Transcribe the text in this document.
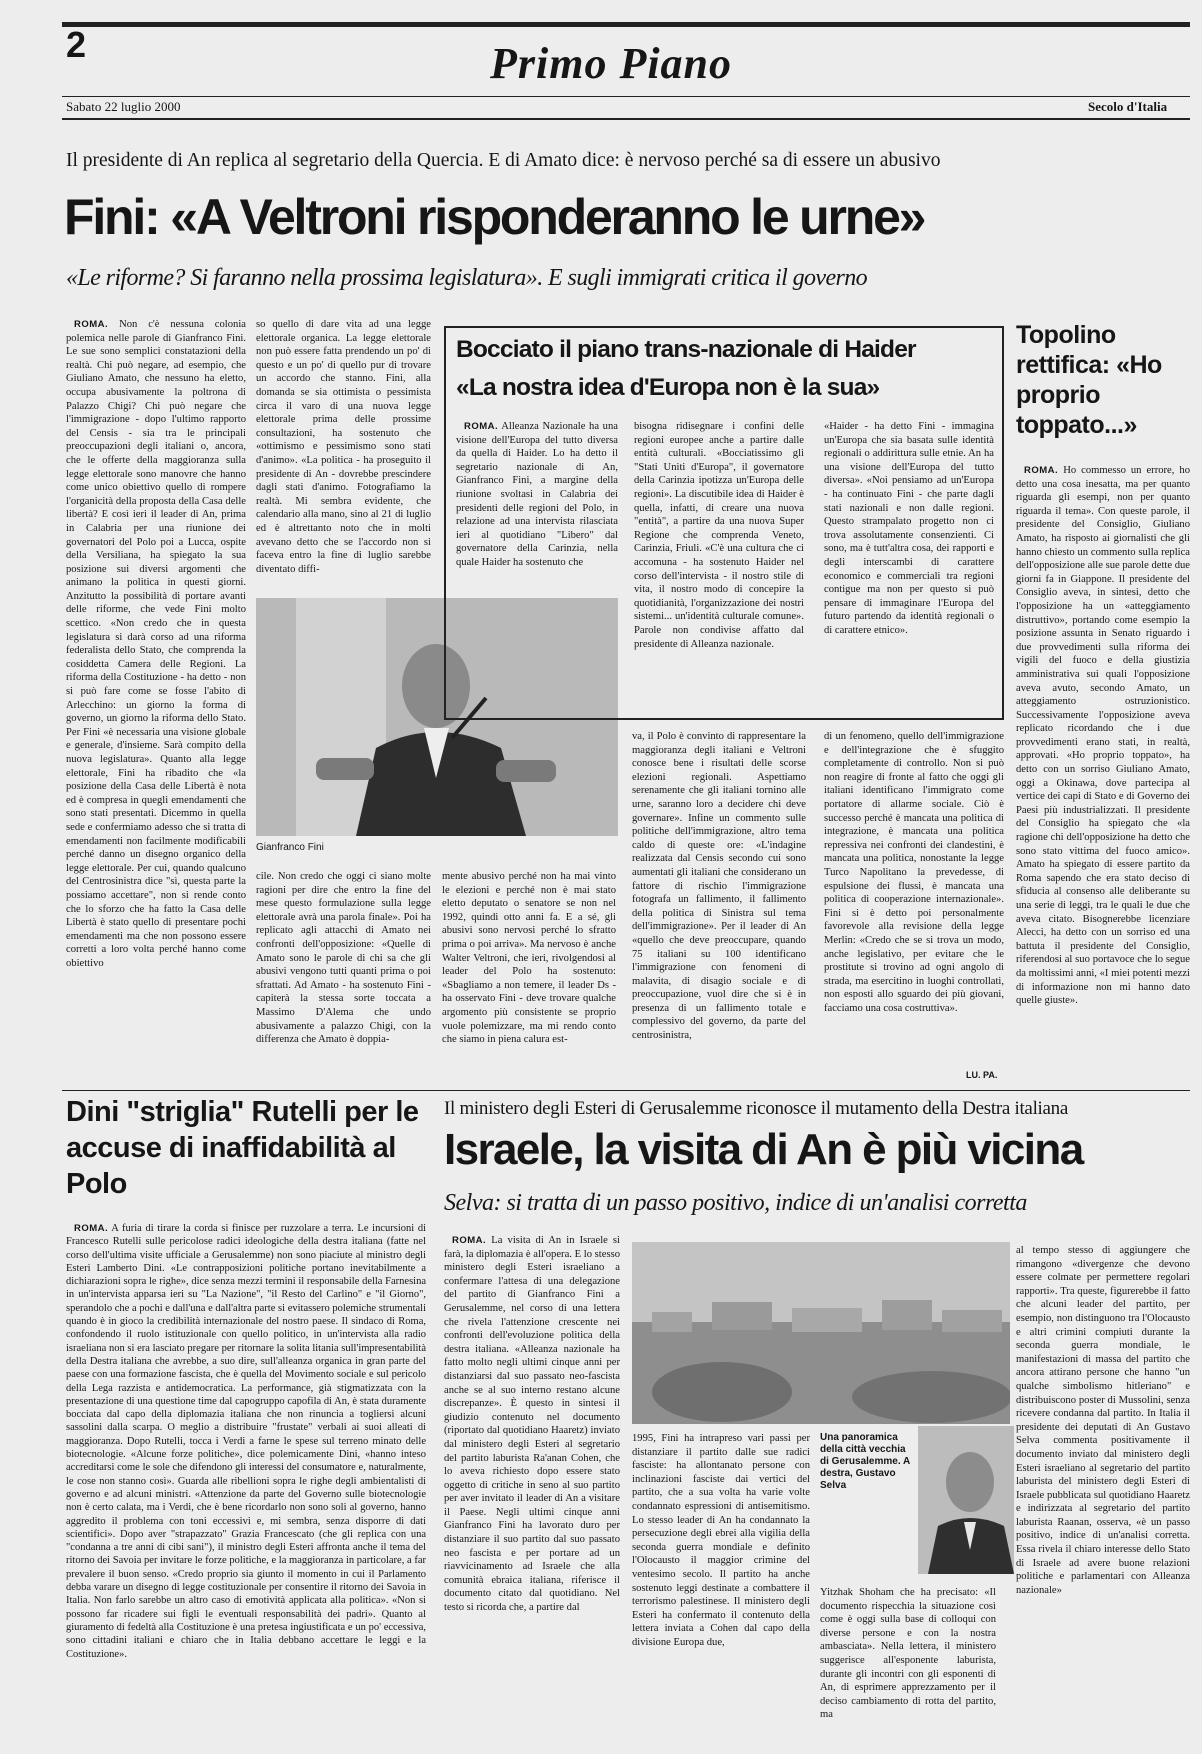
2	Primo Piano
Sabato 22 luglio 2000	Secolo d'Italia
Il presidente di An replica al segretario della Quercia. E di Amato dice: è nervoso perché sa di essere un abusivo
Fini: «A Veltroni risponderanno le urne»
«Le riforme? Si faranno nella prossima legislatura». E sugli immigrati critica il governo

ROMA. Non c'è nessuna colonia polemica nelle parole di Gianfranco Fini. Le sue sono semplici constatazioni della realtà. Chi può negare, ad esempio, che Giuliano Amato, che nessuno ha eletto, occupa abusivamente la poltrona di Palazzo Chigi? Chi può negare che l'immigrazione - dopo l'ultimo rapporto del Censis - sia tra le principali preoccupazioni degli italiani o, ancora, che le offerte della maggioranza sulla legge elettorale sono manovre che hanno come unico obiettivo quello di rompere l'organicità della proposta della Casa delle libertà? E così ieri il leader di An, prima in Calabria per una riunione dei governatori del Polo poi a Lucca, ospite della Versiliana, ha spiegato la sua posizione sui diversi argomenti che animano la politica in questi giorni. Anzitutto la possibilità di portare avanti delle riforme, che vede Fini molto scettico. «Non credo che in questa legislatura si darà corso ad una riforma federalista dello Stato, che comprenda la cosiddetta Camera delle Regioni. La riforma della Costituzione - ha detto - non si può fare come se fosse l'abito di Arlecchino: un giorno la forma di governo, un giorno la riforma dello Stato. Per Fini «è necessaria una visione globale e generale, d'insieme. Sarà compito della nuova legislatura». Quanto alla legge elettorale, Fini ha ribadito che «la posizione della Casa delle Libertà è nota ed è compresa in quegli emendamenti che sono stati presentati. Dicemmo in quella sede e confermiamo adesso che si tratta di emendamenti non facilmente modificabili perché danno un disegno organico della legge elettorale. Per cui, quando qualcuno del Centrosinistra dice "sì, questa parte la possiamo accettare", non si rende conto che lo sforzo che ha fatto la Casa delle Libertà è stato quello di presentare pochi emendamenti ma che non possono essere corretti a loro volta perché hanno come obiettivo

so quello di dare vita ad una legge elettorale organica. La legge elettorale non può essere fatta prendendo un po' di questo e un po' di quello pur di trovare un accordo che stanno. Fini, alla domanda se sia ottimista o pessimista circa il varo di una nuova legge elettorale prima delle prossime consultazioni, ha sostenuto che «ottimismo e pessimismo sono stati d'animo». «La politica - ha proseguito il presidente di An - dovrebbe prescindere dagli stati d'animo. Fotografiamo la realtà. Mi sembra evidente, che calendario alla mano, sino al 21 di luglio ed è altrettanto noto che in molti avevano detto che se l'accordo non si faceva entro la fine di luglio sarebbe diventato diffi-

Gianfranco Fini

cile. Non credo che oggi ci siano molte ragioni per dire che entro la fine del mese questo formulazione sulla legge elettorale avrà una parola finale». Poi ha replicato agli attacchi di Amato nei confronti dell'opposizione: «Quelle di Amato sono le parole di chi sa che gli abusivi vengono tutti quanti prima o poi sfrattati. Ad Amato - ha sostenuto Fini - capiterà la stessa sorte toccata a Massimo D'Alema che undo abusivamente a palazzo Chigi, con la differenza che Amato è doppia-

mente abusivo perché non ha mai vinto le elezioni e perché non è mai stato eletto deputato o senatore se non nel 1992, quindi otto anni fa. E a sé, gli abusivi sono nervosi perché lo sfratto prima o poi arriva». Ma nervoso è anche Walter Veltroni, che ieri, rivolgendosi al leader del Polo ha sostenuto: «Sbagliamo a non temere, il leader Ds - ha osservato Fini - deve trovare qualche argomento più consistente se proprio vuole polemizzare, ma mi rendo conto che siamo in piena calura est-

va, il Polo è convinto di rappresentare la maggioranza degli italiani e Veltroni conosce bene i risultati delle scorse elezioni regionali. Aspettiamo serenamente che gli italiani tornino alle urne, saranno loro a decidere chi deve governare». Infine un commento sulle politiche dell'immigrazione, altro tema caldo di queste ore: «L'indagine realizzata dal Censis secondo cui sono aumentati gli italiani che considerano un fattore di rischio l'immigrazione fotografa un fallimento, il fallimento della politica di Sinistra sul tema dell'immigrazione». Per il leader di An «quello che deve preoccupare, quando 75 italiani su 100 identificano l'immigrazione con fenomeni di malavita, di disagio sociale e di preoccupazione, vuol dire che si è in presenza di un fallimento totale e complessivo del governo, da parte del centrosinistra,

di un fenomeno, quello dell'immigrazione e dell'integrazione che è sfuggito completamente di controllo. Non si può non reagire di fronte al fatto che oggi gli italiani identificano l'immigrato come portatore di allarme sociale. Ciò è successo perché è mancata una politica di integrazione, è mancata una politica repressiva nei confronti dei clandestini, è mancata una politica, nonostante la legge Turco Napolitano la prevedesse, di espulsione dei flussi, è mancata una politica di cooperazione internazionale». Fini si è detto poi personalmente favorevole alla revisione della legge Merlin: «Credo che se si trova un modo, anche legislativo, per evitare che le prostitute si trovino ad ogni angolo di strada, ma esercitino in luoghi controllati, non esposti allo sguardo dei più giovani, facciamo una cosa costruttiva».

LU. PA.
Bocciato il piano trans-nazionale di Haider
«La nostra idea d'Europa non è la sua»

ROMA. Alleanza Nazionale ha una visione dell'Europa del tutto diversa da quella di Haider. Lo ha detto il segretario nazionale di An, Gianfranco Fini, a margine della riunione svoltasi in Calabria dei presidenti delle regioni del Polo, in relazione ad una intervista rilasciata ieri al quotidiano "Libero" dal governatore della Carinzia, nella quale Haider ha sostenuto che

bisogna ridisegnare i confini delle regioni europee anche a partire dalle entità culturali. «Bocciatissimo gli "Stati Uniti d'Europa", il governatore della Carinzia ipotizza un'Europa delle regioni». La discutibile idea di Haider è quella, infatti, di creare una nuova "entità", a partire da una nuova Super Regione che comprenda Veneto, Carinzia, Friuli. «C'è una cultura che ci accomuna - ha sostenuto Haider nel corso dell'intervista - il nostro stile di vita, il nostro modo di concepire la quotidianità, l'organizzazione dei nostri sistemi... un'identità culturale comune». Parole non condivise affatto dal presidente di Alleanza nazionale.

«Haider - ha detto Fini - immagina un'Europa che sia basata sulle identità regionali o addirittura sulle etnie. An ha una visione dell'Europa del tutto diversa». «Noi pensiamo ad un'Europa - ha continuato Fini - che parte dagli stati nazionali e non dalle regioni. Questo strampalato progetto non ci trova assolutamente consenzienti. Ci sono, ma è tutt'altra cosa, dei rapporti e degli interscambi di carattere economico e commerciali tra regioni contigue ma non per questo si può pensare di immaginare l'Europa del futuro partendo da identità regionali o di carattere etnico».

Topolino rettifica: «Ho proprio toppato...»

ROMA. Ho commesso un errore, ho detto una cosa inesatta, ma per quanto riguarda gli esempi, non per quanto riguarda il tema». Con queste parole, il presidente del Consiglio, Giuliano Amato, ha risposto ai giornalisti che gli hanno chiesto un commento sulla replica dell'opposizione alle sue parole dette due giorni fa in Giappone. Il presidente del Consiglio aveva, in sintesi, detto che l'opposizione ha un «atteggiamento distruttivo», portando come esempio la posizione assunta in Senato riguardo i due provvedimenti sulla riforma dei vigili del fuoco e della giustizia amministrativa sui quali l'opposizione aveva avuto, secondo Amato, un atteggiamento ostruzionistico. Successivamente l'opposizione aveva replicato ricordando che i due provvedimenti erano stati, in realtà, approvati. «Ho proprio toppato», ha detto con un sorriso Giuliano Amato, oggi a Okinawa, dove partecipa al vertice dei capi di Stato e di Governo dei Paesi più industrializzati. Il presidente del Consiglio ha spiegato che «la ragione chi dell'opposizione ha detto che sono stato vittima del fuoco amico». Amato ha spiegato di essere partito da Roma sapendo che era stato deciso di sfiducia al consenso alle deliberante su una serie di leggi, tra le quali le due che aveva citato. Bisognerebbe licenziare Alecci, ha detto con un sorriso ed una battuta il presidente del Consiglio, riferendosi al suo portavoce che lo segue da moltissimi anni, «I miei potenti mezzi di informazione non mi hanno dato quelle giuste».

Dini "striglia" Rutelli per le accuse di inaffidabilità al Polo

ROMA. A furia di tirare la corda si finisce per ruzzolare a terra. Le incursioni di Francesco Rutelli sulle pericolose radici ideologiche della destra italiana (fatte nel corso dell'ultima visite ufficiale a Gerusalemme) non sono piaciute al ministro degli Esteri Lamberto Dini. «Le contrapposizioni politiche portano inevitabilmente a dichiarazioni sopra le righe», dice senza mezzi termini il responsabile della Farnesina in un'intervista apparsa ieri su "La Nazione", "il Resto del Carlino" e "il Giorno", sperandolo che a pochi e dall'una e dall'altra parte si evitassero polemiche strumentali quando è in gioco la credibilità internazionale del nostro paese. Il sindaco di Roma, confondendo il ruolo istituzionale con quello politico, in un'intervista alla radio israeliana non si era lasciato pregare per ritornare la solita litania sull'impresentabilità della Destra italiana che avrebbe, a suo dire, sull'alleanza organica in gran parte del paese con una formazione fascista, che è quella del Movimento sociale e sul pericolo della Lega razzista e antidemocratica. La performance, già stigmatizzata con la presentazione di una questione time dal capogruppo capofila di An, è stata duramente bocciata dal capo della diplomazia italiana che non rinuncia a togliersi alcuni sassolini dalla scarpa. O meglio a distribuire "frustate" verbali ai suoi alleati di maggioranza. Dopo Rutelli, tocca i Verdi a farne le spese sul terreno minato delle biotecnologie. «Alcune forze politiche», dice polemicamente Dini, «hanno inteso accreditarsi come le sole che difendono gli interessi del consumatore e, naturalmente, le cose non stanno così». Guarda alle ribellioni sopra le righe degli ambientalisti di governo e ad alcuni ministri. «Attenzione da parte del Governo sulle biotecnologie non è certo calata, ma i Verdi, che è bene ricordarlo non sono soli al governo, hanno aggredito il problema con toni eccessivi e, mi sembra, senza disporre di dati scientifici». Dopo aver "strapazzato" Grazia Francescato (che gli replica con una "condanna a tre anni di cibi sani"), il ministro degli Esteri affronta anche il tema del ritorno dei Savoia per invitare le forze politiche, e la maggioranza in particolare, a far prevalere il buon senso. «Credo proprio sia giunto il momento in cui il Parlamento debba varare un disegno di legge costituzionale per consentire il ritorno dei Savoia in Italia. Non farlo sarebbe un altro caso di emotività applicata alla politica». «Non si possono far ricadere sui figli le eventuali responsabilità dei padri». Quanto al giuramento di fedeltà alla Costituzione è una pretesa ingiustificata e un po' eccessiva, sono cittadini italiani e chiaro che in Italia debbano accettare le leggi e la Costituzione».

Il ministero degli Esteri di Gerusalemme riconosce il mutamento della Destra italiana
Israele, la visita di An è più vicina
Selva: si tratta di un passo positivo, indice di un'analisi corretta

ROMA. La visita di An in Israele si farà, la diplomazia è all'opera. E lo stesso ministero degli Esteri israeliano a confermare l'attesa di una delegazione del partito di Gianfranco Fini a Gerusalemme, nel corso di una lettera che rivela l'attenzione crescente nei confronti dell'evoluzione politica della destra italiana. «Alleanza nazionale ha fatto molto negli ultimi cinque anni per distanziarsi dal suo passato neo-fascista anche se al suo interno restano alcune discrepanze». È questo in sintesi il giudizio contenuto nel documento (riportato dal quotidiano Haaretz) inviato dal ministero degli Esteri al segretario del partito laburista Ra'anan Cohen, che lo aveva richiesto dopo essere stato oggetto di critiche in seno al suo partito per aver invitato il leader di An a visitare il Paese. Negli ultimi cinque anni Gianfranco Fini ha lavorato duro per distanziare il suo partito dal suo passato neo fascista e per portare ad un riavvicinamento ad Israele che alla comunità ebraica italiana, riferisce il documento citato dal quotidiano. Nel testo si ricorda che, a partire dal

Una panoramica della città vecchia di Gerusalemme. A destra, Gustavo Selva

1995, Fini ha intrapreso vari passi per distanziare il partito dalle sue radici fasciste: ha allontanato persone con inclinazioni fasciste dai vertici del partito, che a sua volta ha varie volte condannato espressioni di antisemitismo. Lo stesso leader di An ha condannato la persecuzione degli ebrei alla vigilia della seconda guerra mondiale e definito l'Olocausto il maggior crimine del ventesimo secolo. Il partito ha anche sostenuto leggi destinate a combattere il terrorismo palestinese. Il ministero degli Esteri ha confermato il contenuto della lettera inviata a Cohen dal capo della divisione Europa due,

Yitzhak Shoham che ha precisato: «Il documento rispecchia la situazione così come è oggi sulla base di colloqui con diverse persone e con la nostra ambasciata». Nella lettera, il ministero suggerisce all'esponente laburista, durante gli incontri con gli esponenti di An, di esprimere apprezzamento per il deciso cambiamento di rotta del partito, ma

al tempo stesso di aggiungere che rimangono «divergenze che devono essere colmate per permettere regolari rapporti». Tra queste, figurerebbe il fatto che alcuni leader del partito, per esempio, non distinguono tra l'Olocausto e altri crimini compiuti durante la seconda guerra mondiale, le manifestazioni di massa del partito che ancora attirano persone che hanno "un qualche simbolismo hitleriano" e distribuiscono poster di Mussolini, senza ricevere condanna dal partito. In Italia il presidente dei deputati di An Gustavo Selva commenta positivamente il documento inviato dal ministero degli Esteri israeliano al segretario del partito laburista del ministero degli Esteri di Israele pubblicata sul quotidiano Haaretz e indirizzata al segretario del partito laburista Raanan, osserva, «è un passo positivo, indice di un'analisi corretta. Essa rivela il chiaro interesse dello Stato di Israele ad avere buone relazioni politiche e parlamentari con Alleanza nazionale»
